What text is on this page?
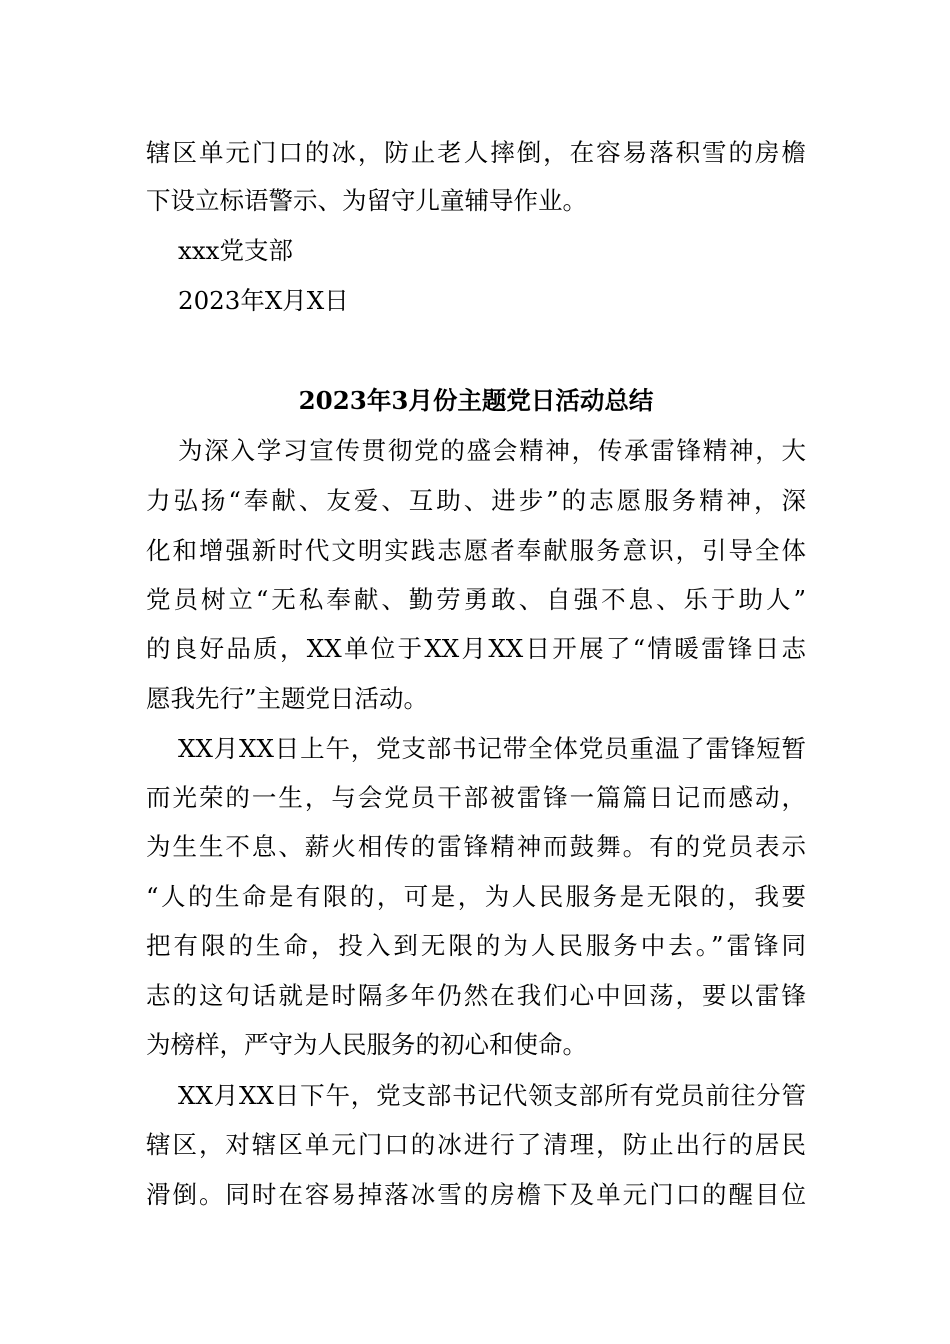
辖区单元门口的冰，防止老人摔倒，在容易落积雪的房檐
下设立标语警示、为留守儿童辅导作业。
xxx党支部
2023年X月X日
2023年3月份主题党日活动总结
为深入学习宣传贯彻党的盛会精神，传承雷锋精神，大
力弘扬“奉献、友爱、互助、进步”的志愿服务精神，深
化和增强新时代文明实践志愿者奉献服务意识，引导全体
党员树立“无私奉献、勤劳勇敢、自强不息、乐于助人”
的良好品质，XX单位于XX月XX日开展了“情暖雷锋日志
愿我先行”主题党日活动。
XX月XX日上午，党支部书记带全体党员重温了雷锋短暂
而光荣的一生，与会党员干部被雷锋一篇篇日记而感动，
为生生不息、薪火相传的雷锋精神而鼓舞。有的党员表示
“人的生命是有限的，可是，为人民服务是无限的，我要
把有限的生命，投入到无限的为人民服务中去。”雷锋同
志的这句话就是时隔多年仍然在我们心中回荡，要以雷锋
为榜样，严守为人民服务的初心和使命。
XX月XX日下午，党支部书记代领支部所有党员前往分管
辖区，对辖区单元门口的冰进行了清理，防止出行的居民
滑倒。同时在容易掉落冰雪的房檐下及单元门口的醒目位
